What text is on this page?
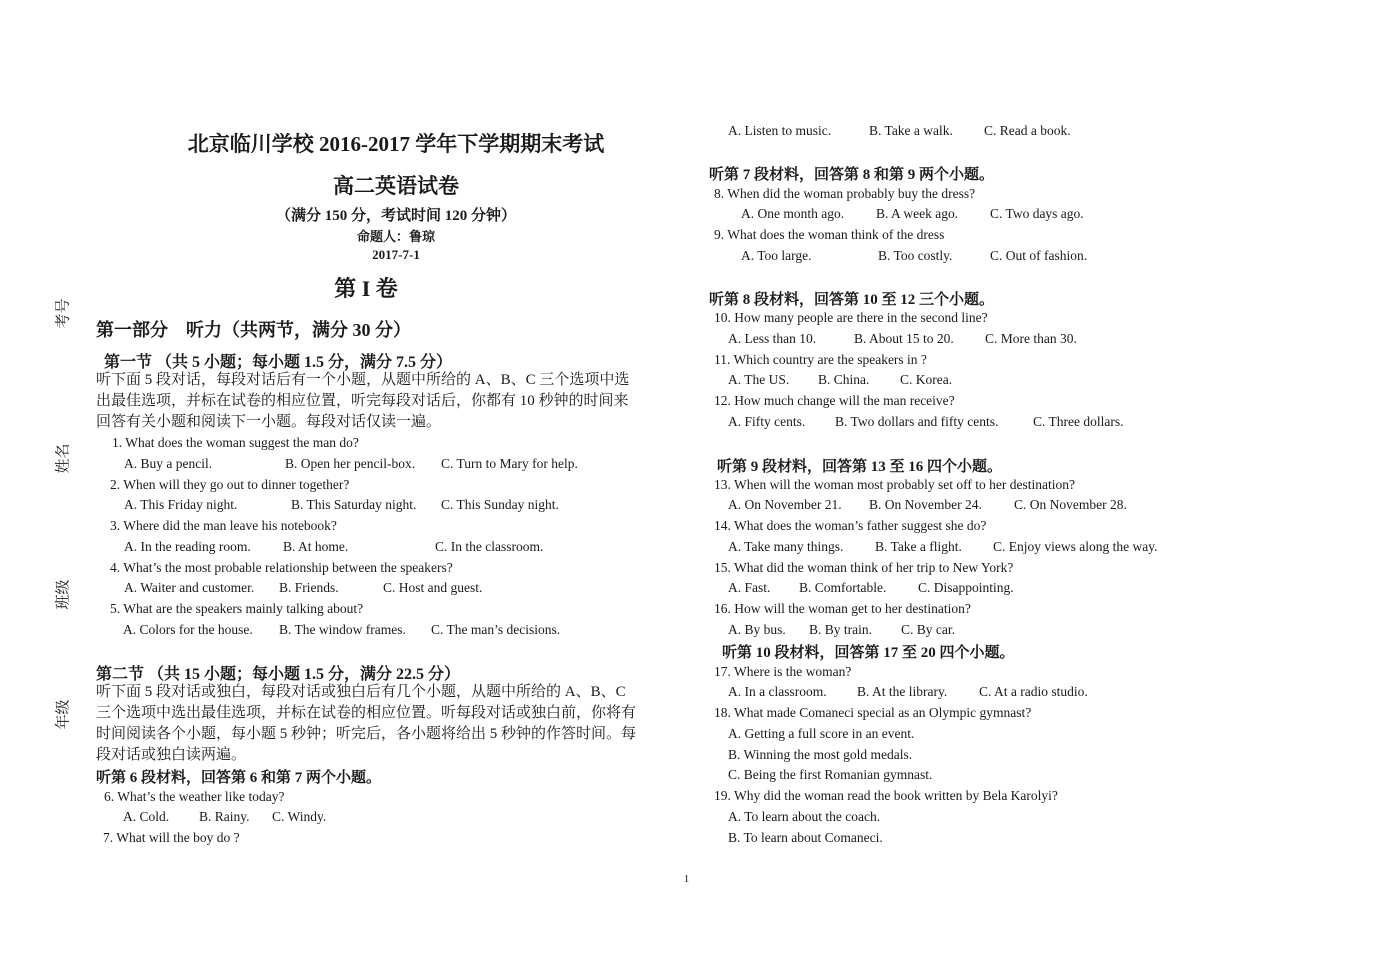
考号
姓名
班级
年级
北京临川学校 2016-2017 学年下学期期末考试
高二英语试卷
（满分 150 分，考试时间 120 分钟）
命题人：鲁琼
2017-7-1
第 I 卷
第一部分　听力（共两节，满分 30 分）
第一节 （共 5 小题；每小题 1.5 分，满分 7.5 分）
听下面 5 段对话，每段对话后有一个小题，从题中所给的 A、B、C 三个选项中选
出最佳选项，并标在试卷的相应位置，听完每段对话后，你都有 10 秒钟的时间来
回答有关小题和阅读下一小题。每段对话仅读一遍。
1. What does the woman suggest the man do?
A. Buy a pencil.	B. Open her pencil-box. C. Turn to Mary for help.
2. When will they go out to dinner together?
A. This Friday night.	B. This Saturday night. C. This Sunday night.
3. Where did the man leave his notebook?
A. In the reading room. B. At home.	C. In the classroom.
4. What’s the most probable relationship between the speakers?
A. Waiter and customer. B. Friends.	C. Host and guest.
5. What are the speakers mainly talking about?
A. Colors for the house. B. The window frames. C. The man’s decisions.
第二节 （共 15 小题；每小题 1.5 分，满分 22.5 分）
听下面 5 段对话或独白，每段对话或独白后有几个小题，从题中所给的 A、B、C
三个选项中选出最佳选项，并标在试卷的相应位置。听每段对话或独白前，你将有
时间阅读各个小题，每小题 5 秒钟；听完后，各小题将给出 5 秒钟的作答时间。每
段对话或独白读两遍。
听第 6 段材料，回答第 6 和第 7 两个小题。
6. What’s the weather like today?
A. Cold. B. Rainy. C. Windy.
7. What will the boy do ?
A. Listen to music.	B. Take a walk. C. Read a book.
听第 7 段材料，回答第 8 和第 9 两个小题。
8. When did the woman probably buy the dress?
A. One month ago. B. A week ago. C. Two days ago.
9. What does the woman think of the dress
A. Too large.	B. Too costly.	C. Out of fashion.
听第 8 段材料，回答第 10 至 12 三个小题。
10. How many people are there in the second line?
A. Less than 10.	B. About 15 to 20. C. More than 30.
11. Which country are the speakers in ?
A. The US. B. China. C. Korea.
12. How much change will the man receive?
A. Fifty cents. B. Two dollars and fifty cents.	C. Three dollars.
听第 9 段材料，回答第 13 至 16 四个小题。
13. When will the woman most probably set off to her destination?
A. On November 21. B. On November 24. C. On November 28.
14. What does the woman’s father suggest she do?
A. Take many things. B. Take a flight. C. Enjoy views along the way.
15. What did the woman think of her trip to New York?
A. Fast. B. Comfortable. C. Disappointing.
16. How will the woman get to her destination?
A. By bus. B. By train. C. By car.
听第 10 段材料，回答第 17 至 20 四个小题。
17. Where is the woman?
A. In a classroom. B. At the library. C. At a radio studio.
18. What made Comaneci special as an Olympic gymnast?
A. Getting a full score in an event.
B. Winning the most gold medals.
C. Being the first Romanian gymnast.
19. Why did the woman read the book written by Bela Karolyi?
A. To learn about the coach.
B. To learn about Comaneci.
1
